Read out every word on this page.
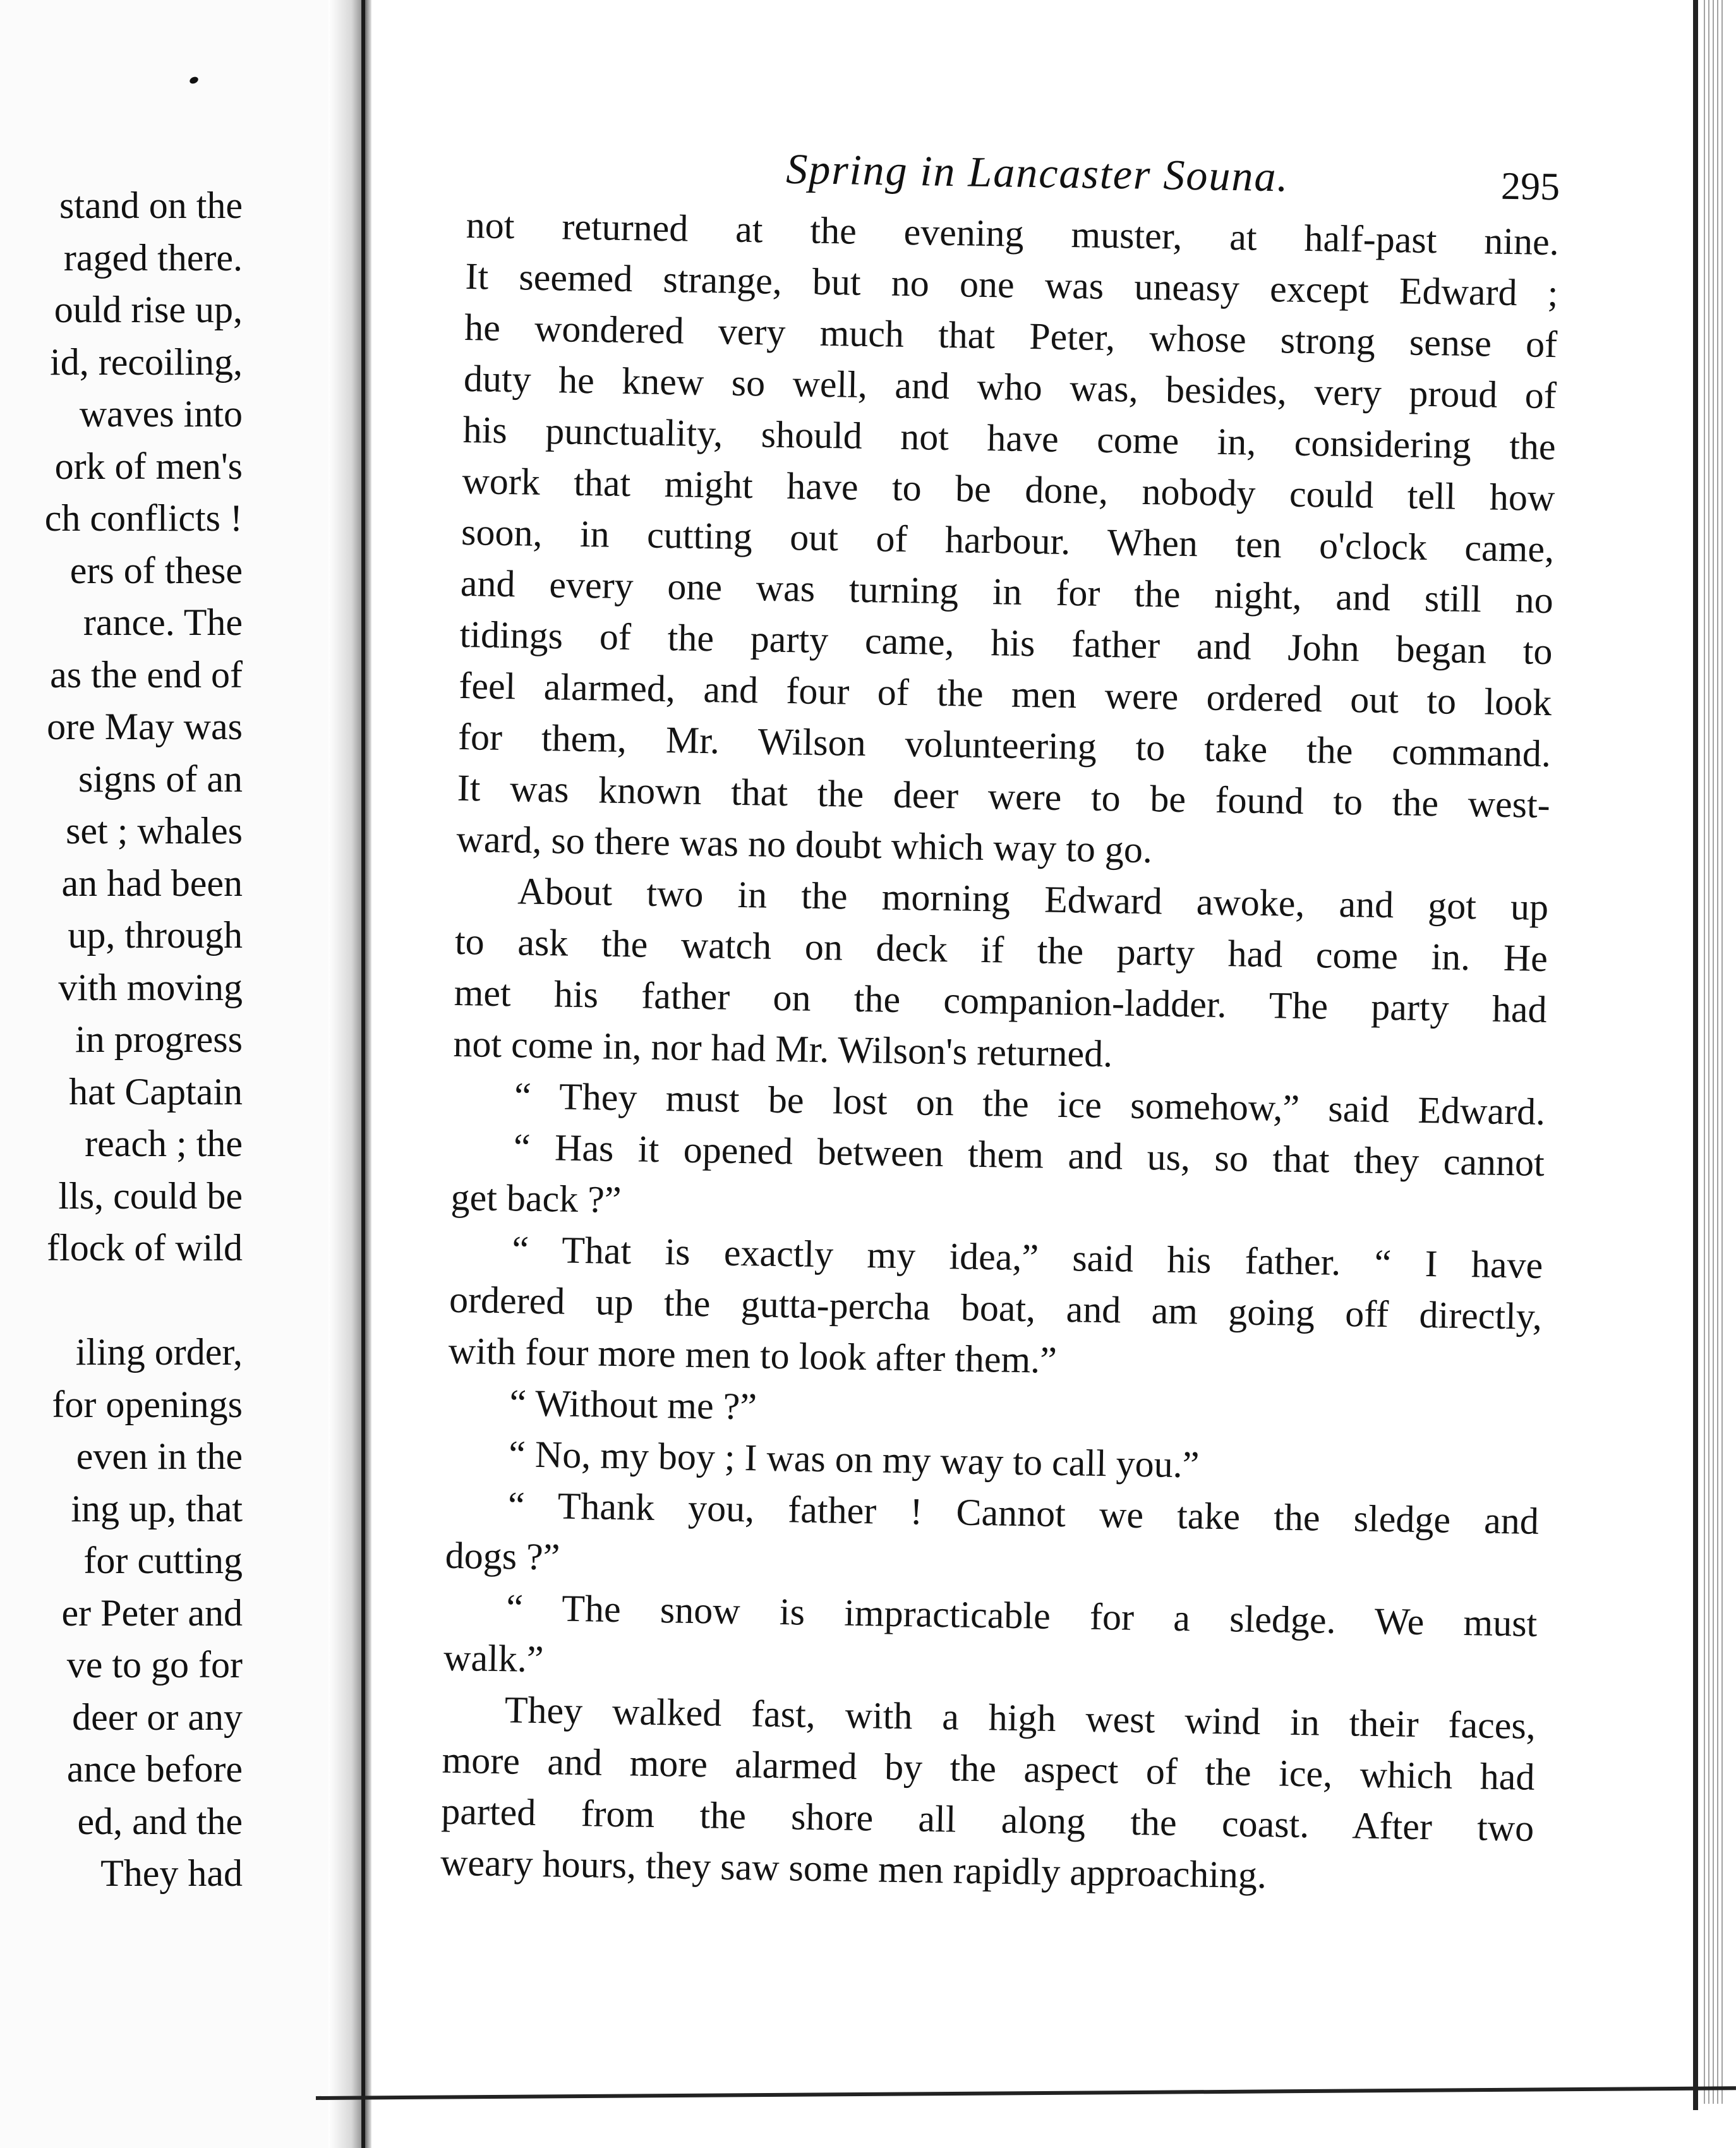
stand on the
raged there.
ould rise up,
id, recoiling,
waves into
ork of men's
ch conflicts !
ers of these
rance. The
as the end of
ore May was
signs of an
set ; whales
an had been
up, through
vith moving
in progress
hat Captain
reach ; the
lls, could be
flock of wild
iling order,
for openings
even in the
ing up, that
for cutting
er Peter and
ve to go for
deer or any
ance before
ed, and the
They had
Spring in Lancaster Souna.	295
not returned at the evening muster, at half-past nine.
It seemed strange, but no one was uneasy except Edward ;
he wondered very much that Peter, whose strong sense of
duty he knew so well, and who was, besides, very proud of
his punctuality, should not have come in, considering the
work that might have to be done, nobody could tell how
soon, in cutting out of harbour. When ten o'clock came,
and every one was turning in for the night, and still no
tidings of the party came, his father and John began to
feel alarmed, and four of the men were ordered out to look
for them, Mr. Wilson volunteering to take the command.
It was known that the deer were to be found to the west-
ward, so there was no doubt which way to go.
About two in the morning Edward awoke, and got up
to ask the watch on deck if the party had come in. He
met his father on the companion-ladder. The party had
not come in, nor had Mr. Wilson's returned.
“ They must be lost on the ice somehow,” said Edward.
“ Has it opened between them and us, so that they cannot
get back ?”
“ That is exactly my idea,” said his father. “ I have
ordered up the gutta-percha boat, and am going off directly,
with four more men to look after them.”
“ Without me ?”
“ No, my boy ; I was on my way to call you.”
“ Thank you, father ! Cannot we take the sledge and
dogs ?”
“ The snow is impracticable for a sledge. We must
walk.”
They walked fast, with a high west wind in their faces,
more and more alarmed by the aspect of the ice, which had
parted from the shore all along the coast. After two
weary hours, they saw some men rapidly approaching.
